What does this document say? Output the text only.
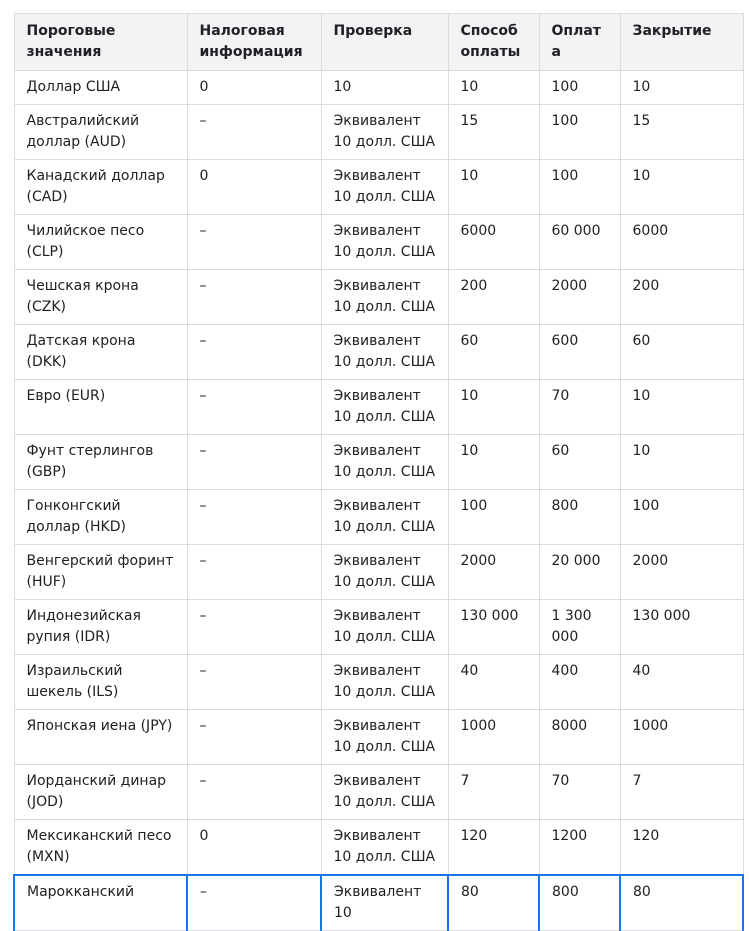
Пороговые значения	Налоговая информация	Проверка	Способ оплаты	Оплата	Закрытие
Доллар США	0	10	10	100	10
Австралийский доллар (AUD)	–	Эквивалент 10 долл. США	15	100	15
Канадский доллар (CAD)	0	Эквивалент 10 долл. США	10	100	10
Чилийское песо (CLP)	–	Эквивалент 10 долл. США	6000	60 000	6000
Чешская крона (CZK)	–	Эквивалент 10 долл. США	200	2000	200
Датская крона (DKK)	–	Эквивалент 10 долл. США	60	600	60
Евро (EUR)	–	Эквивалент 10 долл. США	10	70	10
Фунт стерлингов (GBP)	–	Эквивалент 10 долл. США	10	60	10
Гонконгский доллар (HKD)	–	Эквивалент 10 долл. США	100	800	100
Венгерский форинт (HUF)	–	Эквивалент 10 долл. США	2000	20 000	2000
Индонезийская рупия (IDR)	–	Эквивалент 10 долл. США	130 000	1 300 000	130 000
Израильский шекель (ILS)	–	Эквивалент 10 долл. США	40	400	40
Японская иена (JPY)	–	Эквивалент 10 долл. США	1000	8000	1000
Иорданский динар (JOD)	–	Эквивалент 10 долл. США	7	70	7
Мексиканский песо (MXN)	0	Эквивалент 10 долл. США	120	1200	120
Марокканский	–	Эквивалент 10	80	800	80
